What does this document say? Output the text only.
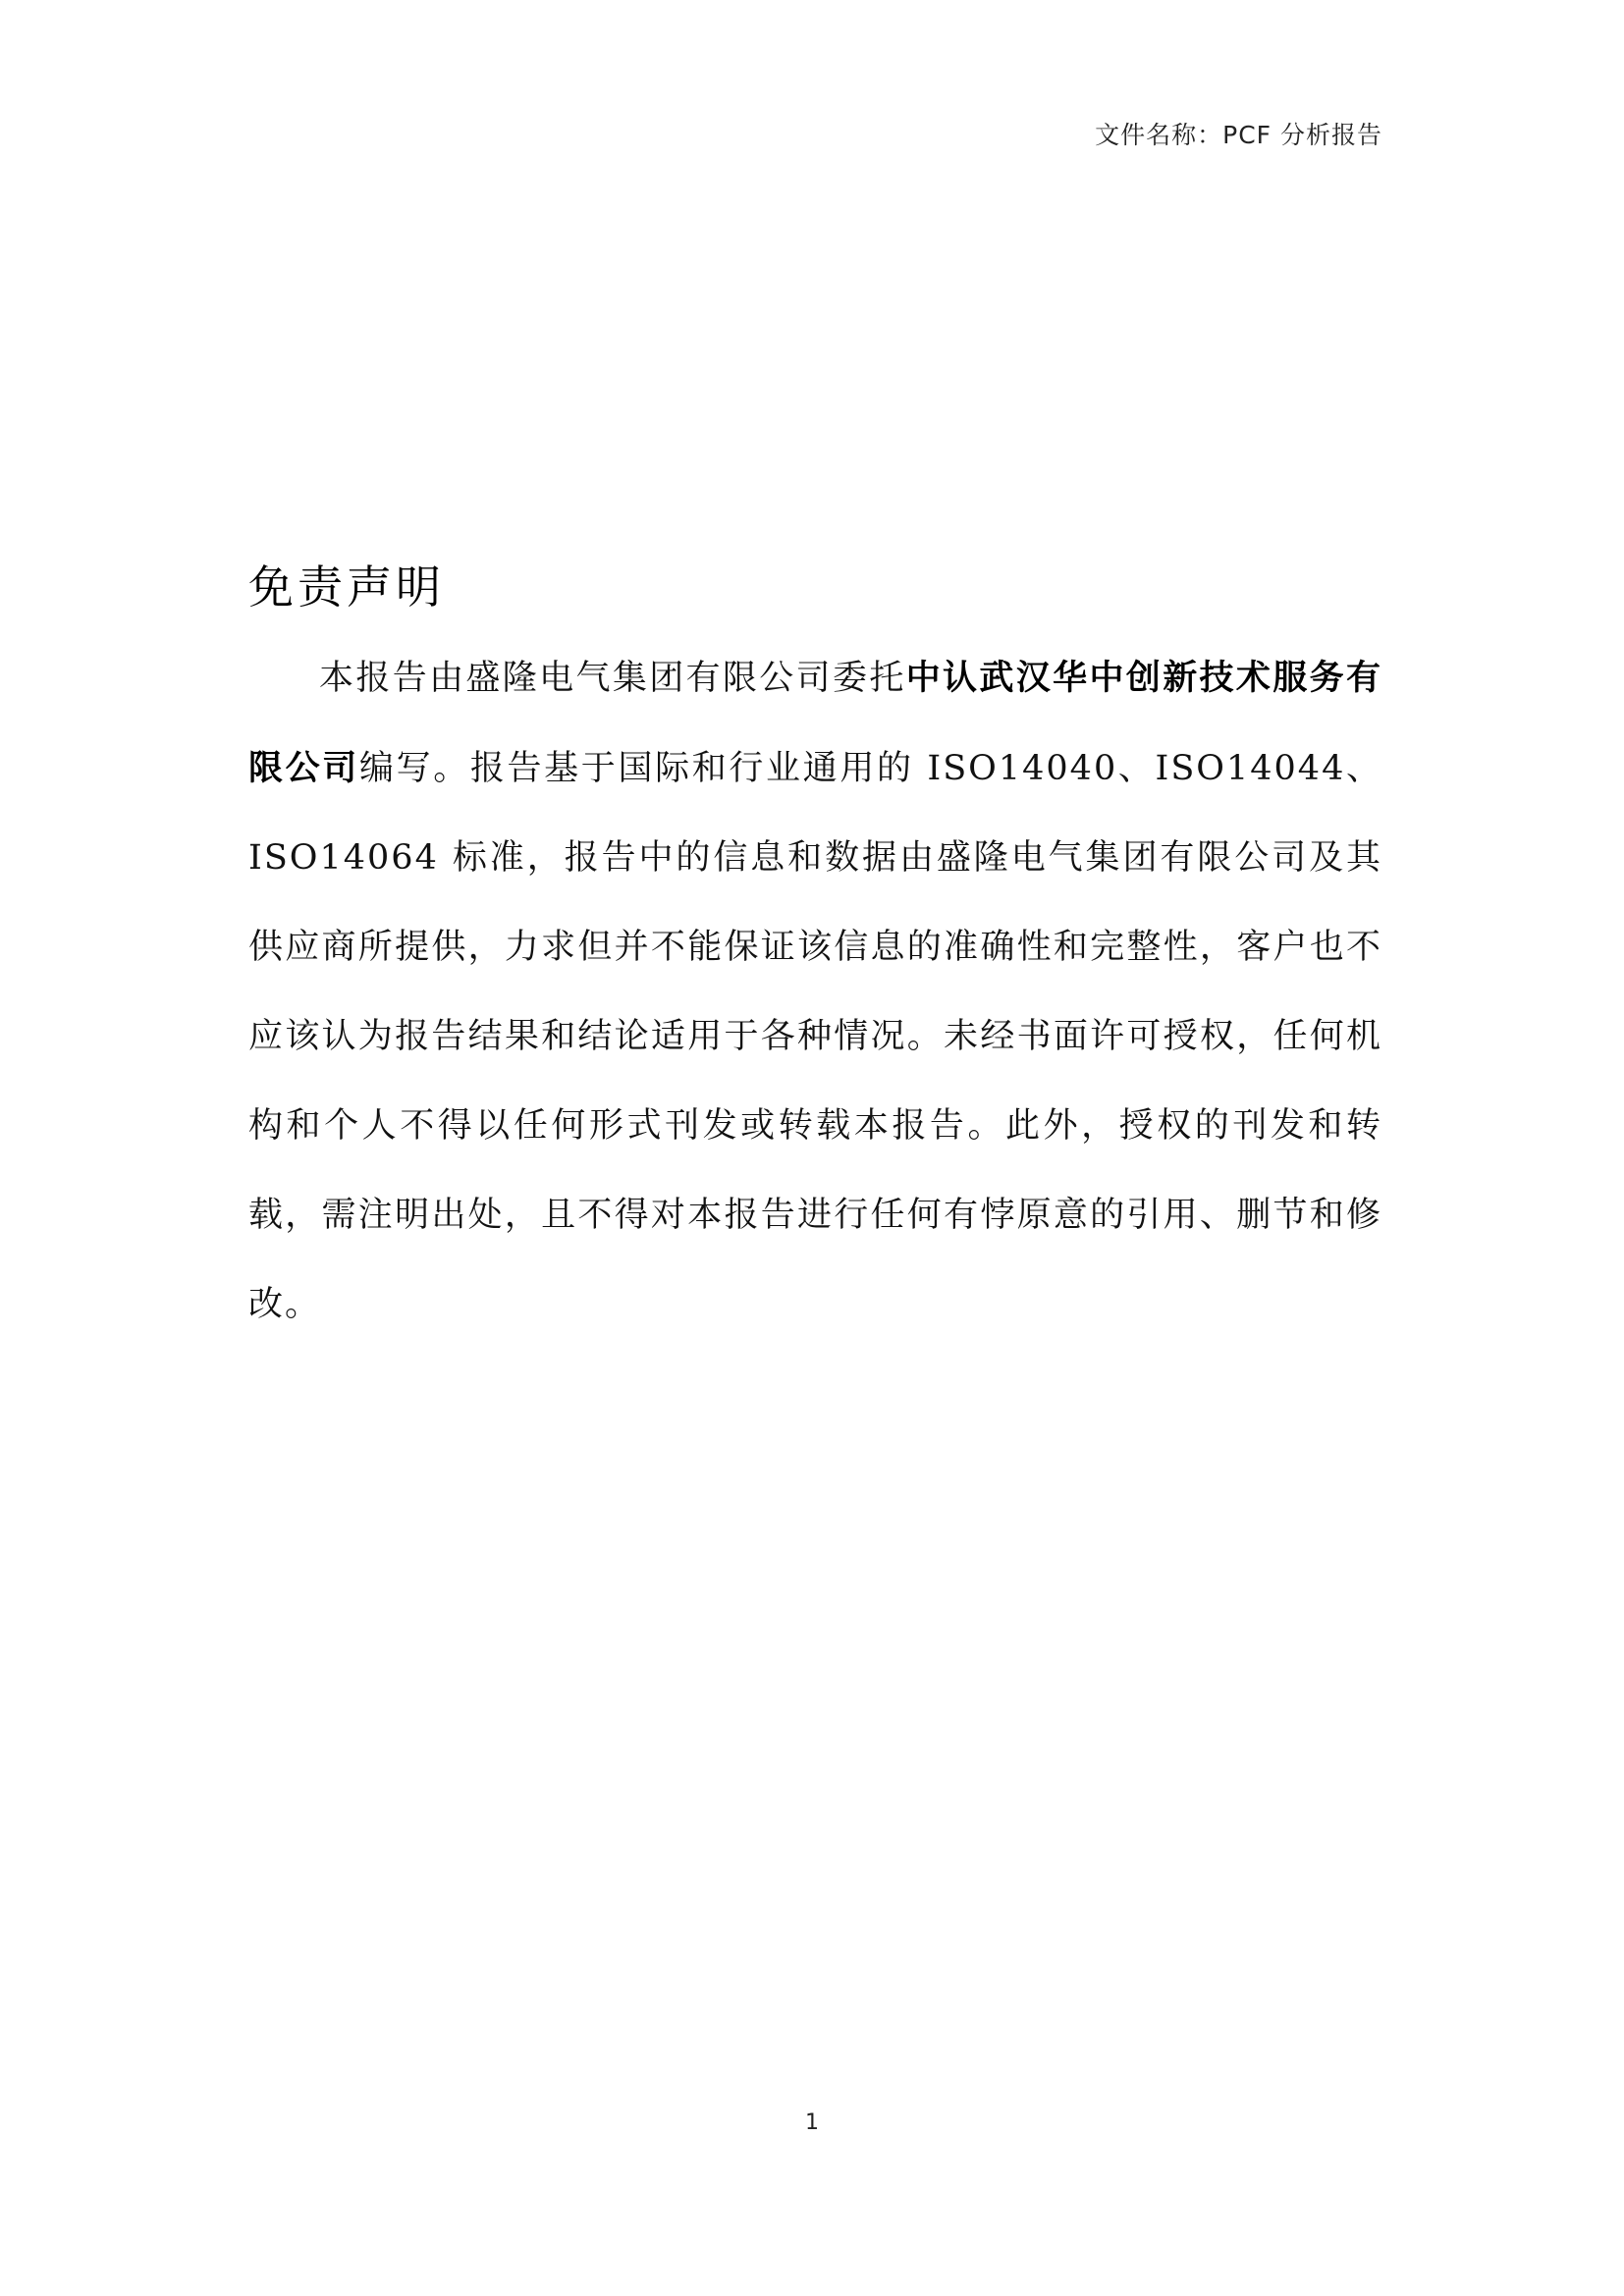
文件名称：PCF 分析报告
免责声明

本报告由盛隆电气集团有限公司委托中认武汉华中创新技术服务有限公司编写。报告基于国际和行业通用的 ISO14040、ISO14044、ISO14064 标准，报告中的信息和数据由盛隆电气集团有限公司及其供应商所提供，力求但并不能保证该信息的准确性和完整性，客户也不应该认为报告结果和结论适用于各种情况。未经书面许可授权，任何机构和个人不得以任何形式刊发或转载本报告。此外，授权的刊发和转载，需注明出处，且不得对本报告进行任何有悖原意的引用、删节和修改。

1
